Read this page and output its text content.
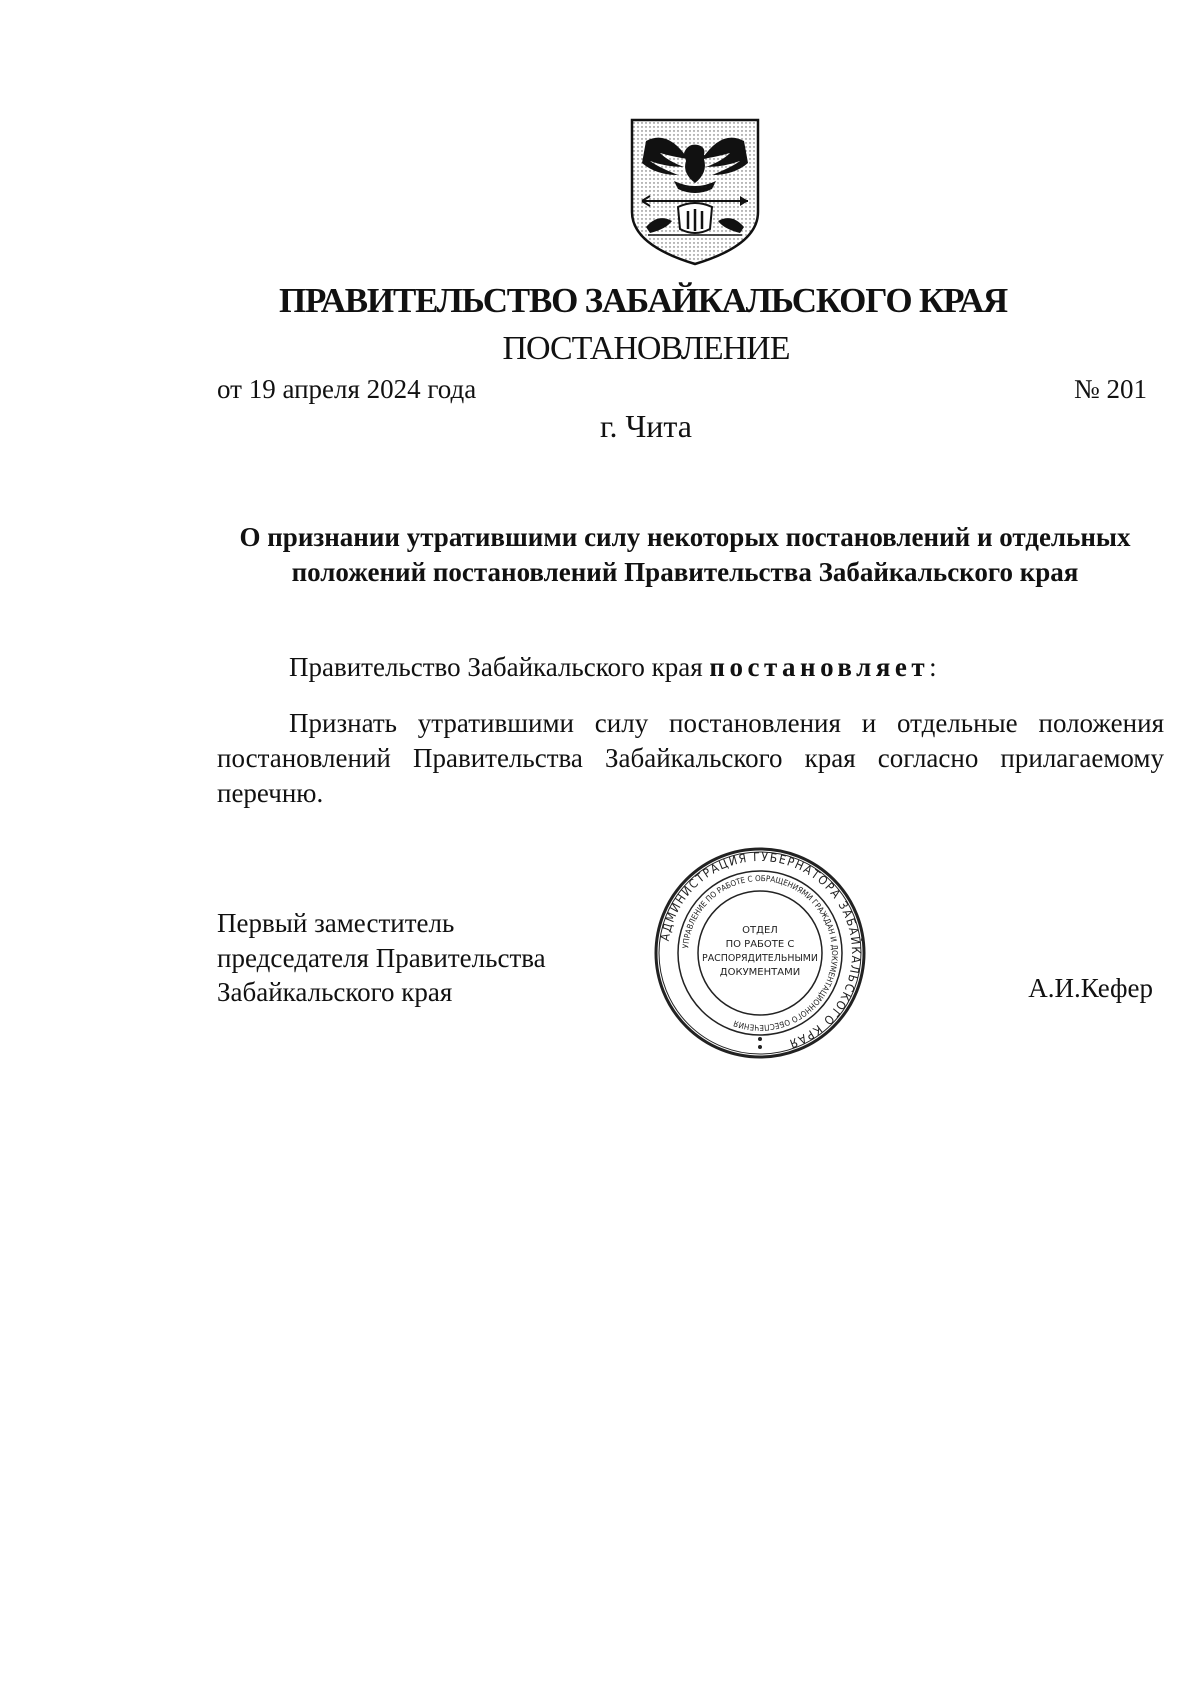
ПРАВИТЕЛЬСТВО ЗАБАЙКАЛЬСКОГО КРАЯ
ПОСТАНОВЛЕНИЕ
от 19 апреля 2024 года	№ 201
г. Чита
О признании утратившими силу некоторых постановлений и отдельных
положений постановлений Правительства Забайкальского края
Правительство Забайкальского края постановляет:
Признать утратившими силу постановления и отдельные положения постановлений Правительства Забайкальского края согласно прилагаемому перечню.
Первый заместитель
председателя Правительства
Забайкальского края	А.И.Кефер
АДМИНИСТРАЦИЯ ГУБЕРНАТОРА ЗАБАЙКАЛЬСКОГО КРАЯ
УПРАВЛЕНИЕ ПО РАБОТЕ С ОБРАЩЕНИЯМИ ГРАЖДАН И ДОКУМЕНТАЦИОННОГО ОБЕСПЕЧЕНИЯ
ОТДЕЛ
ПО РАБОТЕ С
РАСПОРЯДИТЕЛЬНЫМИ
ДОКУМЕНТАМИ
